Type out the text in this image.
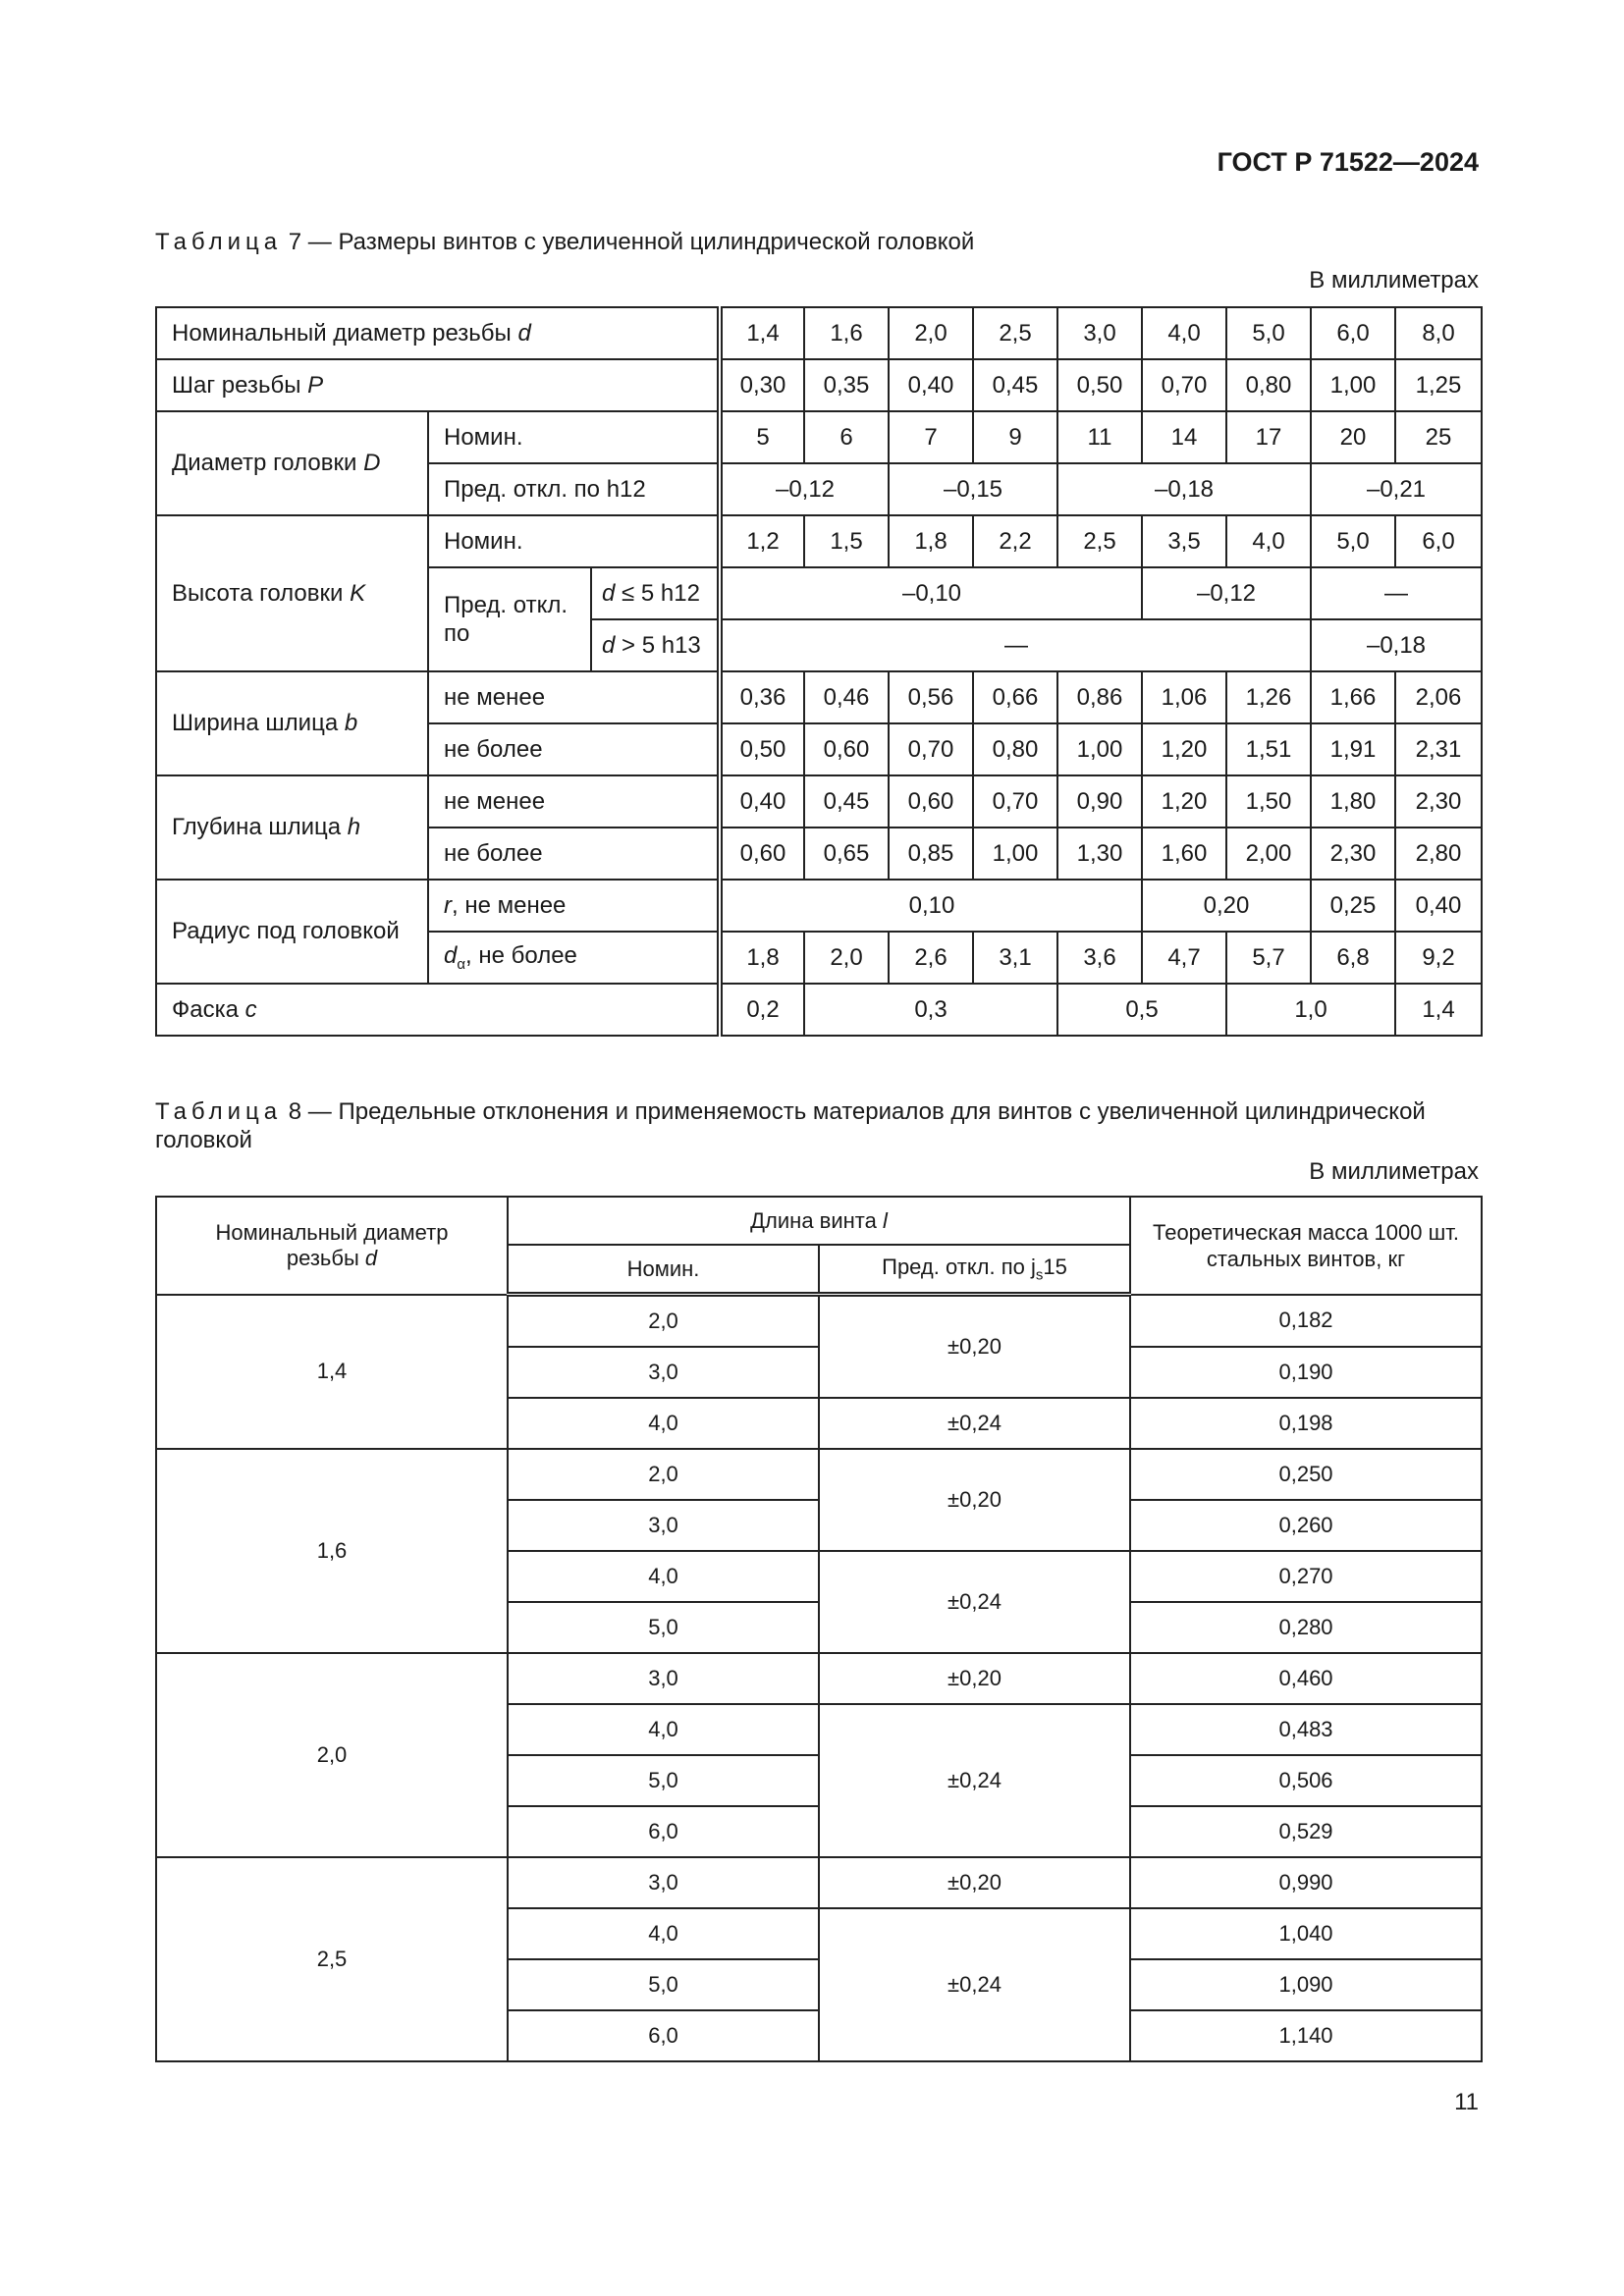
ГОСТ Р 71522—2024
Таблица 7 — Размеры винтов с увеличенной цилиндрической головкой
В миллиметрах
Номинальный диаметр резьбы d			1,4	1,6	2,0	2,5	3,0	4,0	5,0	6,0	8,0
Шаг резьбы P			0,30	0,35	0,40	0,45	0,50	0,70	0,80	1,00	1,25
Диаметр головки D	Номин.		5	6	7	9	11	14	17	20	25
	Пред. откл. по h12		–0,12		–0,15		–0,18			–0,21	
Высота головки K	Номин.		1,2	1,5	1,8	2,2	2,5	3,5	4,0	5,0	6,0
	Пред. откл. по	d ≤ 5 h12	–0,10					–0,12		—	
		d > 5 h13	—							–0,18	
Ширина шлица b	не менее		0,36	0,46	0,56	0,66	0,86	1,06	1,26	1,66	2,06
	не более		0,50	0,60	0,70	0,80	1,00	1,20	1,51	1,91	2,31
Глубина шлица h	не менее		0,40	0,45	0,60	0,70	0,90	1,20	1,50	1,80	2,30
	не более		0,60	0,65	0,85	1,00	1,30	1,60	2,00	2,30	2,80
Радиус под головкой	r, не менее		0,10					0,20		0,25	0,40
	$d_\alpha$, не более		1,8	2,0	2,6	3,1	3,6	4,7	5,7	6,8	9,2
Фаска c			0,2	0,3			0,5		1,0		1,4
Таблица 8 — Предельные отклонения и применяемость материалов для винтов с увеличенной цилиндрической головкой
В миллиметрах
Номинальный диаметр
резьбы d	Длина винта l		Теоретическая масса 1000 шт. стальных винтов, кг
	Номин.	Пред. откл. по $j_s15$	
1,4	2,0	±0,20	0,182
	3,0		0,190
	4,0	±0,24	0,198
1,6	2,0	±0,20	0,250
	3,0		0,260
	4,0	±0,24	0,270
	5,0		0,280
2,0	3,0	±0,20	0,460
	4,0	±0,24	0,483
	5,0		0,506
	6,0		0,529
2,5	3,0	±0,20	0,990
	4,0	±0,24	1,040
	5,0		1,090
	6,0		1,140
11
